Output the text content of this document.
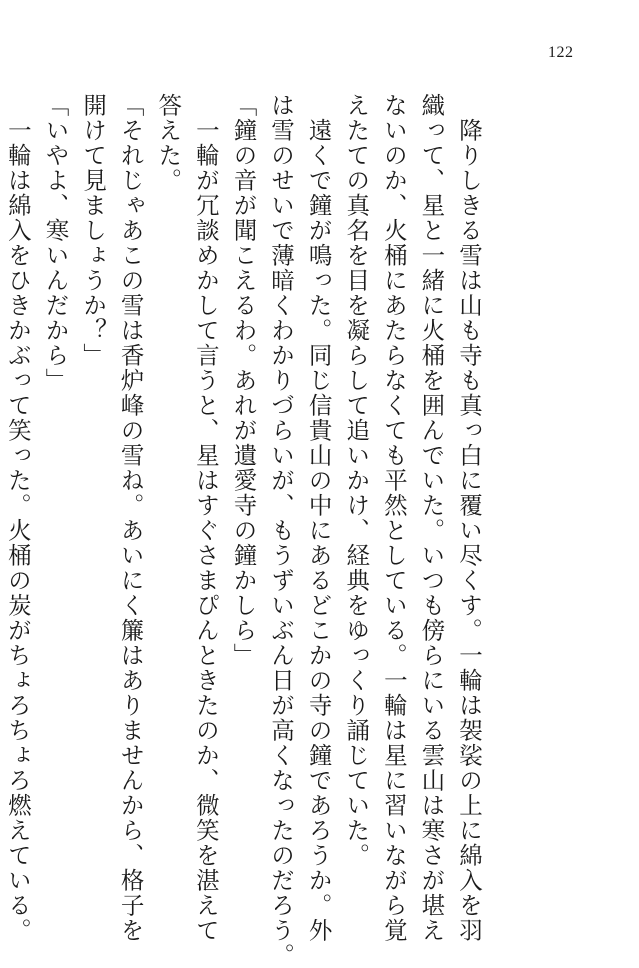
122
　降りしきる雪は山も寺も真っ白に覆い尽くす。一輪は袈裟の上に綿入を羽
織って、星と一緒に火桶を囲んでいた。いつも傍らにいる雲山は寒さが堪え
ないのか、火桶にあたらなくても平然としている。一輪は星に習いながら覚
えたての真名を目を凝らして追いかけ、経典をゆっくり誦じていた。
　遠くで鐘が鳴った。同じ信貴山の中にあるどこかの寺の鐘であろうか。外
は雪のせいで薄暗くわかりづらいが、もうずいぶん日が高くなったのだろう。
「鐘の音が聞こえるわ。あれが遺愛寺の鐘かしら」
　一輪が冗談めかして言うと、星はすぐさまぴんときたのか、微笑を湛えて
答えた。
「それじゃあこの雪は香炉峰の雪ね。あいにく簾はありませんから、格子を
開けて見ましょうか？」
「いやよ、寒いんだから」
　一輪は綿入をひきかぶって笑った。火桶の炭がちょろちょろ燃えている。
